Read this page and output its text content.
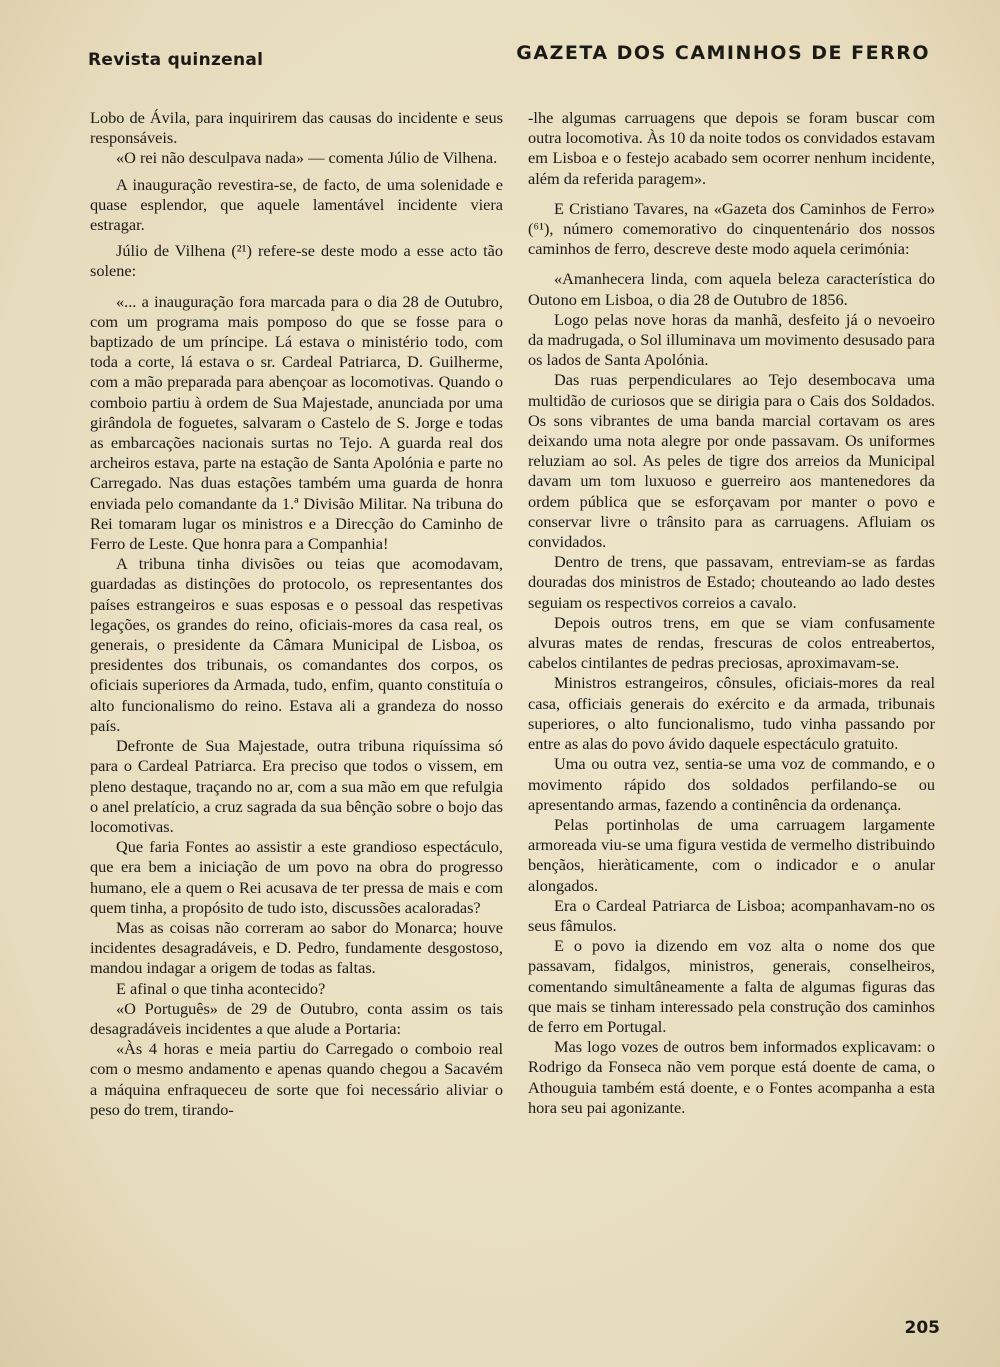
Revista quinzenal	GAZETA DOS CAMINHOS DE FERRO

Lobo de Ávila, para inquirirem das causas do incidente e seus responsáveis.

«O rei não desculpava nada» — comenta Júlio de Vilhena.

A inauguração revestira-se, de facto, de uma solenidade e quase esplendor, que aquele lamentável incidente viera estragar.

Júlio de Vilhena (²¹) refere-se deste modo a esse acto tão solene:

«... a inauguração fora marcada para o dia 28 de Outubro, com um programa mais pomposo do que se fosse para o baptizado de um príncipe. Lá estava o ministério todo, com toda a corte, lá estava o sr. Cardeal Patriarca, D. Guilherme, com a mão preparada para abençoar as locomotivas. Quando o comboio partiu à ordem de Sua Majestade, anunciada por uma girândola de foguetes, salvaram o Castelo de S. Jorge e todas as embarcações nacionais surtas no Tejo. A guarda real dos archeiros estava, parte na estação de Santa Apolónia e parte no Carregado. Nas duas estações também uma guarda de honra enviada pelo comandante da 1.ª Divisão Militar. Na tribuna do Rei tomaram lugar os ministros e a Direcção do Caminho de Ferro de Leste. Que honra para a Companhia!

A tribuna tinha divisões ou teias que acomodavam, guardadas as distinções do protocolo, os representantes dos países estrangeiros e suas esposas e o pessoal das respetivas legações, os grandes do reino, oficiais-mores da casa real, os generais, o presidente da Câmara Municipal de Lisboa, os presidentes dos tribunais, os comandantes dos corpos, os oficiais superiores da Armada, tudo, enfim, quanto constituía o alto funcionalismo do reino. Estava ali a grandeza do nosso país.

Defronte de Sua Majestade, outra tribuna riquíssima só para o Cardeal Patriarca. Era preciso que todos o vissem, em pleno destaque, traçando no ar, com a sua mão em que refulgia o anel prelatício, a cruz sagrada da sua bênção sobre o bojo das locomotivas.

Que faria Fontes ao assistir a este grandioso espectáculo, que era bem a iniciação de um povo na obra do progresso humano, ele a quem o Rei acusava de ter pressa de mais e com quem tinha, a propósito de tudo isto, discussões acaloradas?

Mas as coisas não correram ao sabor do Monarca; houve incidentes desagradáveis, e D. Pedro, fundamente desgostoso, mandou indagar a origem de todas as faltas.

E afinal o que tinha acontecido?

«O Português» de 29 de Outubro, conta assim os tais desagradáveis incidentes a que alude a Portaria:

«Às 4 horas e meia partiu do Carregado o comboio real com o mesmo andamento e apenas quando chegou a Sacavém a máquina enfraqueceu de sorte que foi necessário aliviar o peso do trem, tirando-

-lhe algumas carruagens que depois se foram buscar com outra locomotiva. Às 10 da noite todos os convidados estavam em Lisboa e o festejo acabado sem ocorrer nenhum incidente, além da referida paragem».

E Cristiano Tavares, na «Gazeta dos Caminhos de Ferro» (⁶¹), número comemorativo do cinquentenário dos nossos caminhos de ferro, descreve deste modo aquela cerimónia:

«Amanhecera linda, com aquela beleza característica do Outono em Lisboa, o dia 28 de Outubro de 1856.

Logo pelas nove horas da manhã, desfeito já o nevoeiro da madrugada, o Sol illuminava um movimento desusado para os lados de Santa Apolónia.

Das ruas perpendiculares ao Tejo desembocava uma multidão de curiosos que se dirigia para o Cais dos Soldados. Os sons vibrantes de uma banda marcial cortavam os ares deixando uma nota alegre por onde passavam. Os uniformes reluziam ao sol. As peles de tigre dos arreios da Municipal davam um tom luxuoso e guerreiro aos mantenedores da ordem pública que se esforçavam por manter o povo e conservar livre o trânsito para as carruagens. Afluiam os convidados.

Dentro de trens, que passavam, entreviam-se as fardas douradas dos ministros de Estado; chouteando ao lado destes seguiam os respectivos correios a cavalo.

Depois outros trens, em que se viam confusamente alvuras mates de rendas, frescuras de colos entreabertos, cabelos cintilantes de pedras preciosas, aproximavam-se.

Ministros estrangeiros, cônsules, oficiais-mores da real casa, officiais generais do exército e da armada, tribunais superiores, o alto funcionalismo, tudo vinha passando por entre as alas do povo ávido daquele espectáculo gratuito.

Uma ou outra vez, sentia-se uma voz de commando, e o movimento rápido dos soldados perfilando-se ou apresentando armas, fazendo a continência da ordenança.

Pelas portinholas de uma carruagem largamente armoreada viu-se uma figura vestida de vermelho distribuindo bençãos, hieràticamente, com o indicador e o anular alongados.

Era o Cardeal Patriarca de Lisboa; acompanhavam-no os seus fâmulos.

E o povo ia dizendo em voz alta o nome dos que passavam, fidalgos, ministros, generais, conselheiros, comentando simultâneamente a falta de algumas figuras das que mais se tinham interessado pela construção dos caminhos de ferro em Portugal.

Mas logo vozes de outros bem informados explicavam: o Rodrigo da Fonseca não vem porque está doente de cama, o Athouguia também está doente, e o Fontes acompanha a esta hora seu pai agonizante.

205
